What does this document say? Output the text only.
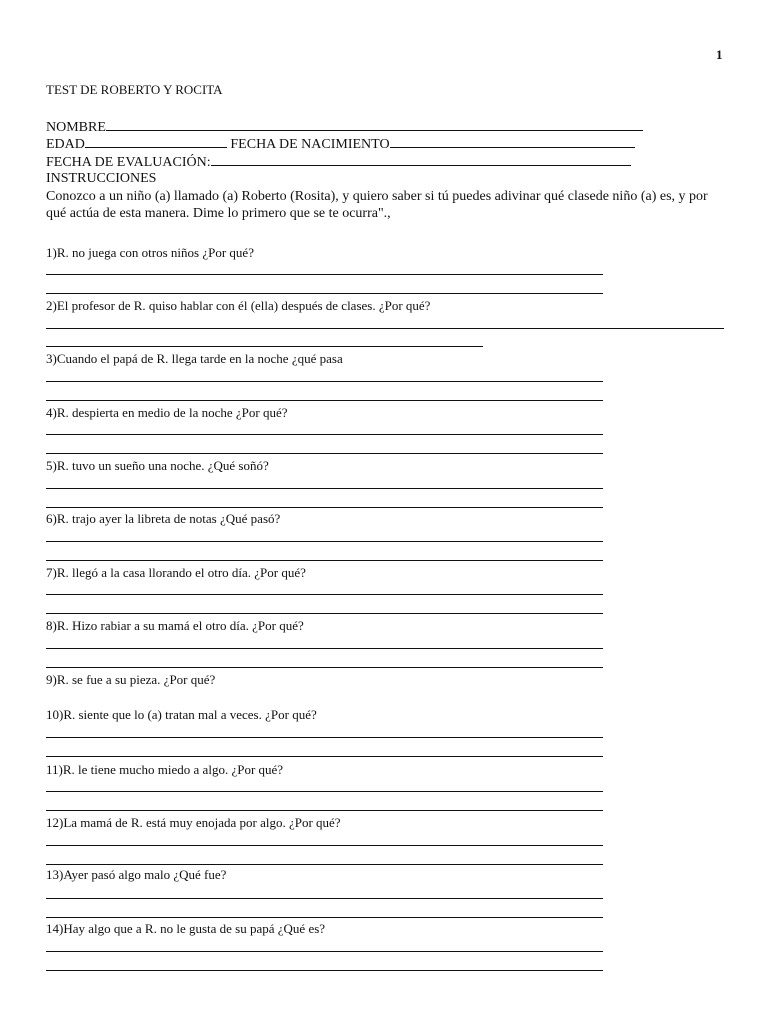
1
TEST DE ROBERTO Y ROCITA
NOMBRE
EDAD	FECHA DE NACIMIENTO
FECHA DE EVALUACIÓN:
INSTRUCCIONES
Conozco a un niño (a) llamado (a) Roberto (Rosita), y quiero saber si tú puedes adivinar qué clasede niño (a) es, y por qué actúa de esta manera. Dime lo primero que se te ocurra".,
1)R. no juega con otros niños ¿Por qué?
2)El profesor de R. quiso hablar con él (ella) después de clases. ¿Por qué?
3)Cuando el papá de R. llega tarde en la noche ¿qué pasa
4)R. despierta en medio de la noche ¿Por qué?
5)R. tuvo un sueño una noche. ¿Qué soñó?
6)R. trajo ayer la libreta de notas ¿Qué pasó?
7)R. llegó a la casa llorando el otro día. ¿Por qué?
8)R. Hizo rabiar a su mamá el otro día. ¿Por qué?
9)R. se fue a su pieza. ¿Por qué?
10)R. siente que lo (a) tratan mal a veces. ¿Por qué?
11)R. le tiene mucho miedo a algo. ¿Por qué?
12)La mamá de R. está muy enojada por algo. ¿Por qué?
13)Ayer pasó algo malo ¿Qué fue?
14)Hay algo que a R. no le gusta de su papá ¿Qué es?
